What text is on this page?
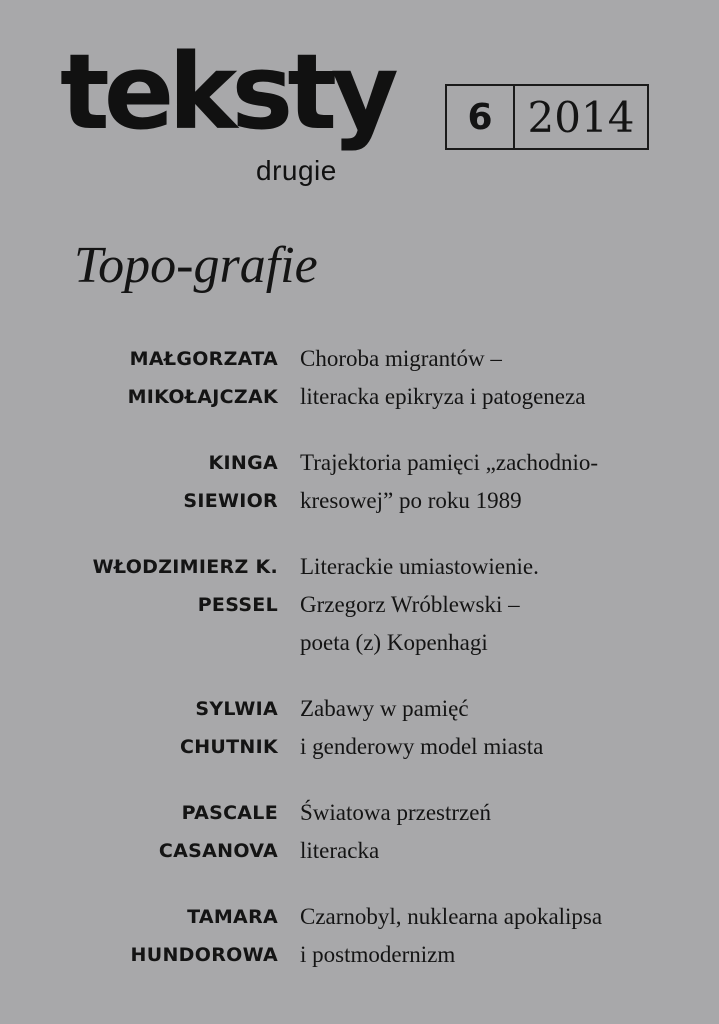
teksty
drugie
6 2014
Topo-grafie
MAŁGORZATA
MIKOŁAJCZAK
Choroba migrantów –
literacka epikryza i patogeneza
KINGA
SIEWIOR
Trajektoria pamięci „zachodnio-
kresowej” po roku 1989
WŁODZIMIERZ K.
PESSEL
Literackie umiastowienie.
Grzegorz Wróblewski –
poeta (z) Kopenhagi
SYLWIA
CHUTNIK
Zabawy w pamięć
i genderowy model miasta
PASCALE
CASANOVA
Światowa przestrzeń
literacka
TAMARA
HUNDOROWA
Czarnobyl, nuklearna apokalipsa
i postmodernizm
